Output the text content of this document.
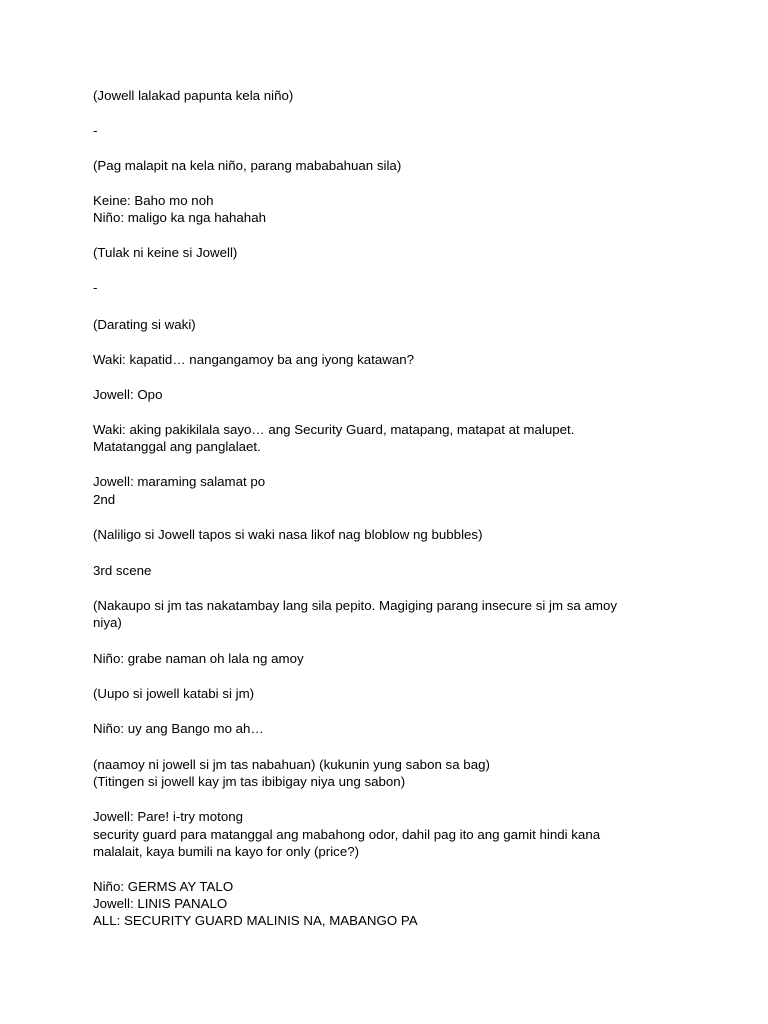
(Jowell lalakad papunta kela niño)
-
(Pag malapit na kela niño, parang mababahuan sila)
Keine: Baho mo noh
Niño: maligo ka nga hahahah
(Tulak ni keine si Jowell)
-
(Darating si waki)
Waki: kapatid… nangangamoy ba ang iyong katawan?
Jowell: Opo
Waki: aking pakikilala sayo… ang Security Guard, matapang, matapat at malupet.
Matatanggal ang panglalaet.
Jowell: maraming salamat po
2nd
(Naliligo si Jowell tapos si waki nasa likof nag bloblow ng bubbles)
3rd scene
(Nakaupo si jm tas nakatambay lang sila pepito. Magiging parang insecure si jm sa amoy
niya)
Niño: grabe naman oh lala ng amoy
(Uupo si jowell katabi si jm)
Niño: uy ang Bango mo ah…
(naamoy ni jowell si jm tas nabahuan) (kukunin yung sabon sa bag)
(Titingen si jowell kay jm tas ibibigay niya ung sabon)
Jowell: Pare! i-try motong
security guard para matanggal ang mabahong odor, dahil pag ito ang gamit hindi kana
malalait, kaya bumili na kayo for only (price?)
Niño: GERMS AY TALO
Jowell: LINIS PANALO
ALL: SECURITY GUARD MALINIS NA, MABANGO PA
